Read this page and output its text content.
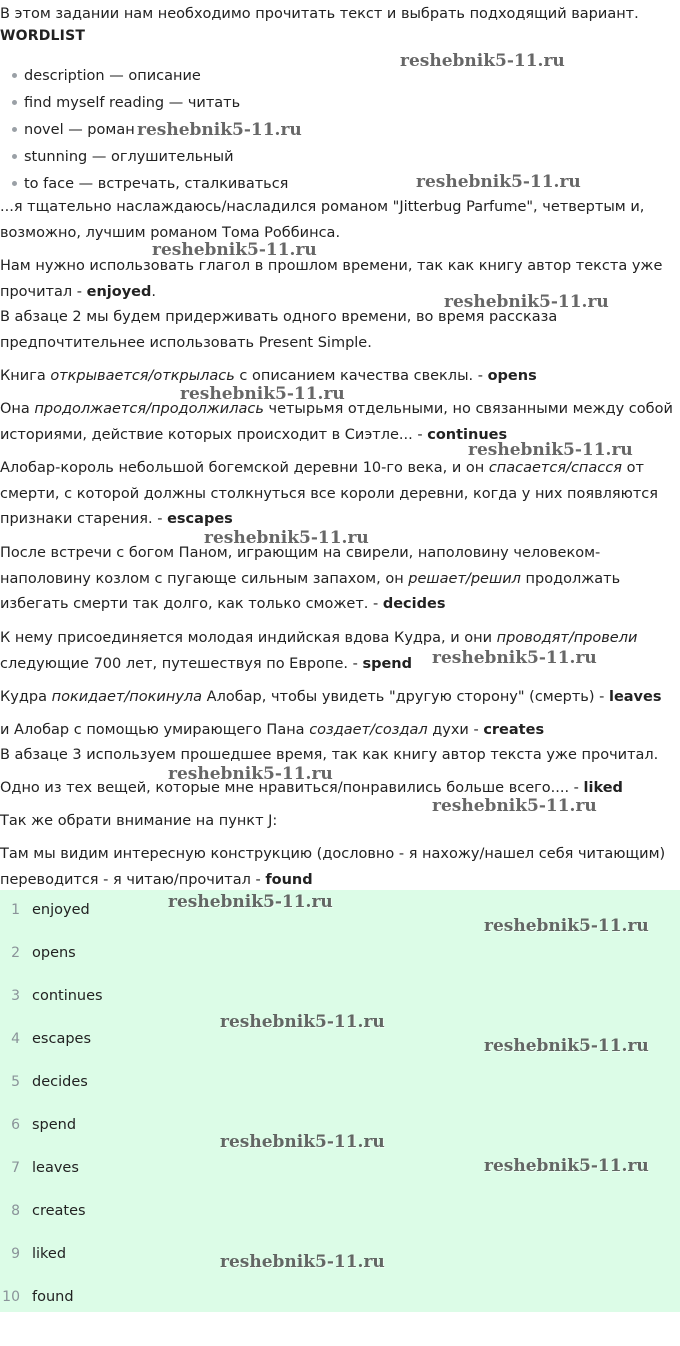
В этом задании нам необходимо прочитать текст и выбрать подходящий вариант.
WORDLIST
description — описание
find myself reading — читать
novel — роман
stunning — оглушительный
to face — встречать, сталкиваться
...я тщательно наслаждаюсь/насладился романом "Jitterbug Parfume", четвертым и, возможно, лучшим романом Тома Роббинса.
Нам нужно использовать глагол в прошлом времени, так как книгу автор текста уже прочитал - enjoyed.
В абзаце 2 мы будем придерживать одного времени, во время рассказа предпочтительнее использовать Present Simple.
Книга открывается/открылась с описанием качества свеклы. - opens
Она продолжается/продолжилась четырьмя отдельными, но связанными между собой историями, действие которых происходит в Сиэтле... - continues
Алобар-король небольшой богемской деревни 10-го века, и он спасается/спасся от смерти, с которой должны столкнуться все короли деревни, когда у них появляются признаки старения. - escapes
После встречи с богом Паном, играющим на свирели, наполовину человеком-наполовину козлом с пугающе сильным запахом, он решает/решил продолжать избегать смерти так долго, как только сможет. - decides
К нему присоединяется молодая индийская вдова Кудра, и они проводят/провели следующие 700 лет, путешествуя по Европе. - spend
Кудра покидает/покинула Алобар, чтобы увидеть "другую сторону" (смерть) - leaves
и Алобар с помощью умирающего Пана создает/создал духи - creates
В абзаце 3 используем прошедшее время, так как книгу автор текста уже прочитал.
Одно из тех вещей, которые мне нравиться/понравились больше всего.... - liked
Так же обрати внимание на пункт J:
Там мы видим интересную конструкцию (дословно - я нахожу/нашел себя читающим) переводится - я читаю/прочитал - found
1 enjoyed
2 opens
3 continues
4 escapes
5 decides
6 spend
7 leaves
8 creates
9 liked
10 found
reshebnik5-11.ru
reshebnik5-11.ru
reshebnik5-11.ru
reshebnik5-11.ru
reshebnik5-11.ru
reshebnik5-11.ru
reshebnik5-11.ru
reshebnik5-11.ru
reshebnik5-11.ru
reshebnik5-11.ru
reshebnik5-11.ru
reshebnik5-11.ru
reshebnik5-11.ru
reshebnik5-11.ru
reshebnik5-11.ru
reshebnik5-11.ru
reshebnik5-11.ru
reshebnik5-11.ru
